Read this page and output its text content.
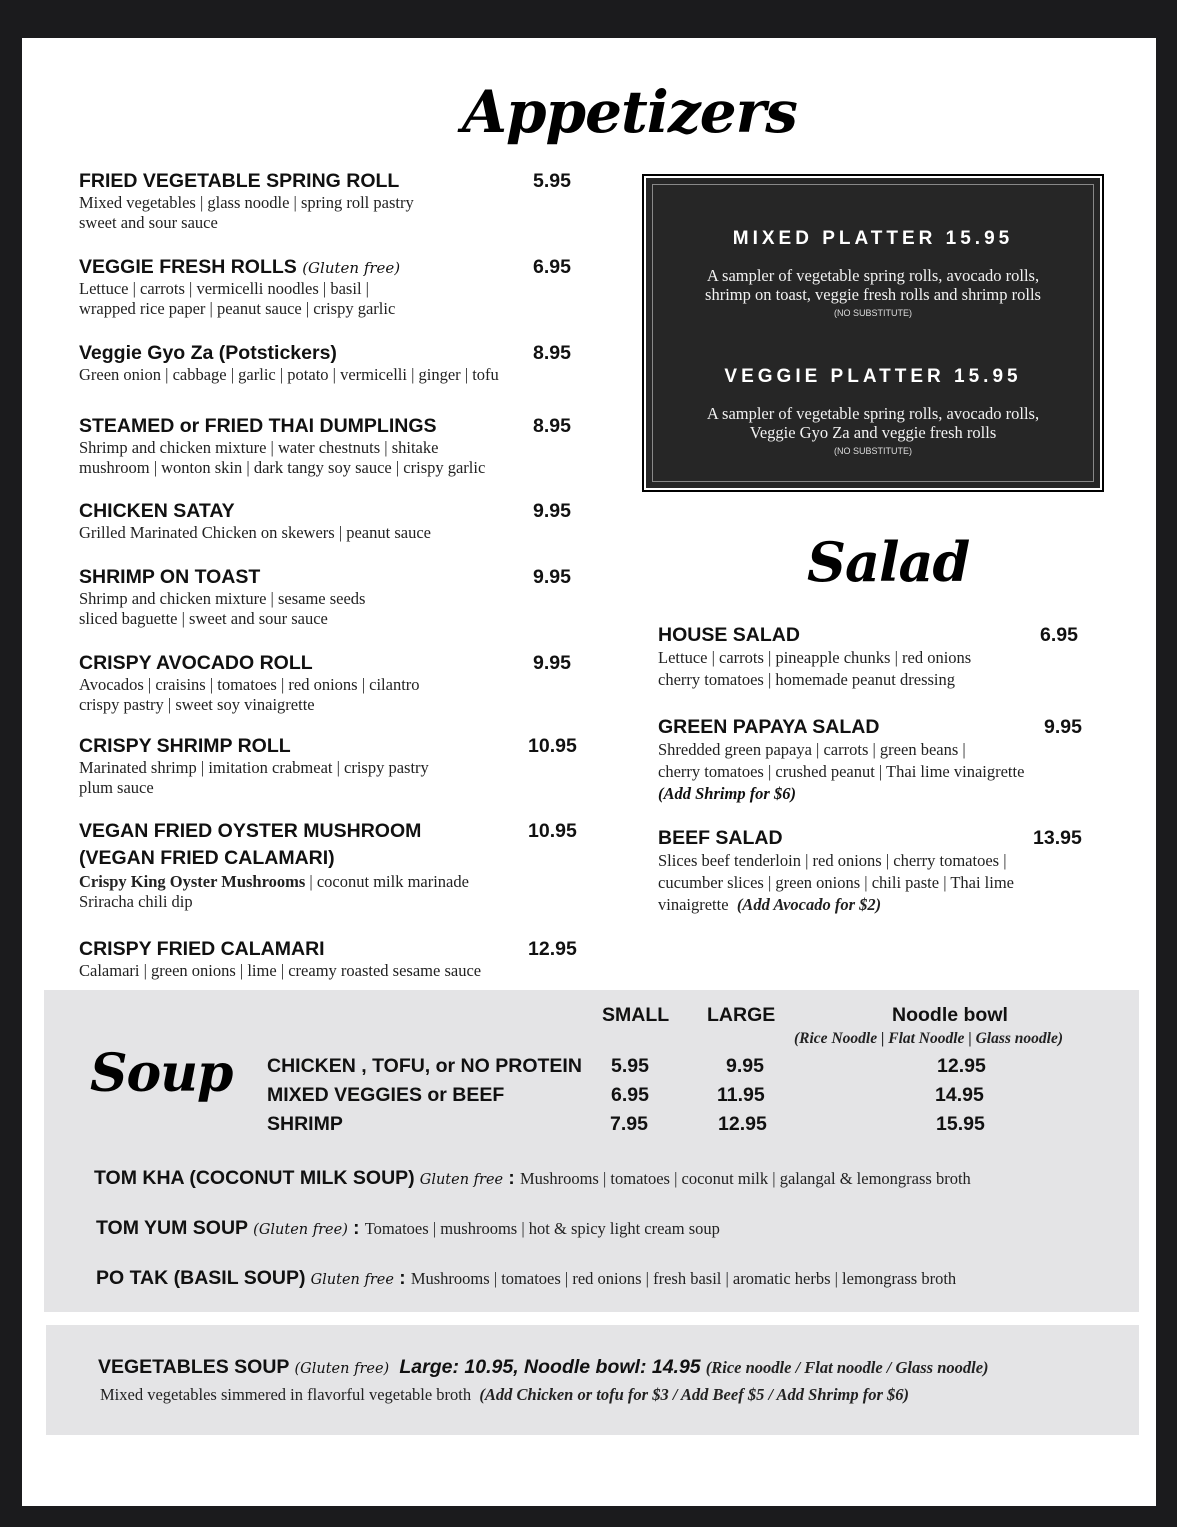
Appetizers
FRIED VEGETABLE SPRING ROLL	5.95
Mixed vegetables | glass noodle | spring roll pastry
sweet and sour sauce
VEGGIE FRESH ROLLS (Gluten free)	6.95
Lettuce | carrots | vermicelli noodles | basil |
wrapped rice paper | peanut sauce | crispy garlic
Veggie Gyo Za (Potstickers)	8.95
Green onion | cabbage | garlic | potato | vermicelli | ginger | tofu
STEAMED or FRIED THAI DUMPLINGS	8.95
Shrimp and chicken mixture | water chestnuts | shitake
mushroom | wonton skin | dark tangy soy sauce | crispy garlic
CHICKEN SATAY	9.95
Grilled Marinated Chicken on skewers | peanut sauce
SHRIMP ON TOAST	9.95
Shrimp and chicken mixture | sesame seeds
sliced baguette | sweet and sour sauce
CRISPY AVOCADO ROLL	9.95
Avocados | craisins | tomatoes | red onions | cilantro
crispy pastry | sweet soy vinaigrette
CRISPY SHRIMP ROLL	10.95
Marinated shrimp | imitation crabmeat | crispy pastry
plum sauce
VEGAN FRIED OYSTER MUSHROOM	10.95
(VEGAN FRIED CALAMARI)
Crispy King Oyster Mushrooms | coconut milk marinade
Sriracha chili dip
CRISPY FRIED CALAMARI	12.95
Calamari | green onions | lime | creamy roasted sesame sauce
MIXED PLATTER 15.95
A sampler of vegetable spring rolls, avocado rolls,
shrimp on toast, veggie fresh rolls and shrimp rolls
(NO SUBSTITUTE)
VEGGIE PLATTER 15.95
A sampler of vegetable spring rolls, avocado rolls,
Veggie Gyo Za and veggie fresh rolls
(NO SUBSTITUTE)
Salad
HOUSE SALAD	6.95
Lettuce | carrots | pineapple chunks | red onions
cherry tomatoes | homemade peanut dressing
GREEN PAPAYA SALAD	9.95
Shredded green papaya | carrots | green beans |
cherry tomatoes | crushed peanut | Thai lime vinaigrette
(Add Shrimp for $6)
BEEF SALAD	13.95
Slices beef tenderloin | red onions | cherry tomatoes |
cucumber slices | green onions | chili paste | Thai lime
vinaigrette (Add Avocado for $2)
Soup
SMALL LARGE	Noodle bowl
(Rice Noodle | Flat Noodle | Glass noodle)
CHICKEN , TOFU, or NO PROTEIN 5.95	9.95	12.95
MIXED VEGGIES or BEEF	6.95	11.95	14.95
SHRIMP	7.95	12.95	15.95
TOM KHA (COCONUT MILK SOUP) Gluten free : Mushrooms | tomatoes | coconut milk | galangal & lemongrass broth
TOM YUM SOUP (Gluten free) : Tomatoes | mushrooms | hot & spicy light cream soup
PO TAK (BASIL SOUP) Gluten free : Mushrooms | tomatoes | red onions | fresh basil | aromatic herbs | lemongrass broth
VEGETABLES SOUP (Gluten free) Large: 10.95, Noodle bowl: 14.95 (Rice noodle / Flat noodle / Glass noodle)
Mixed vegetables simmered in flavorful vegetable broth (Add Chicken or tofu for $3 / Add Beef $5 / Add Shrimp for $6)
